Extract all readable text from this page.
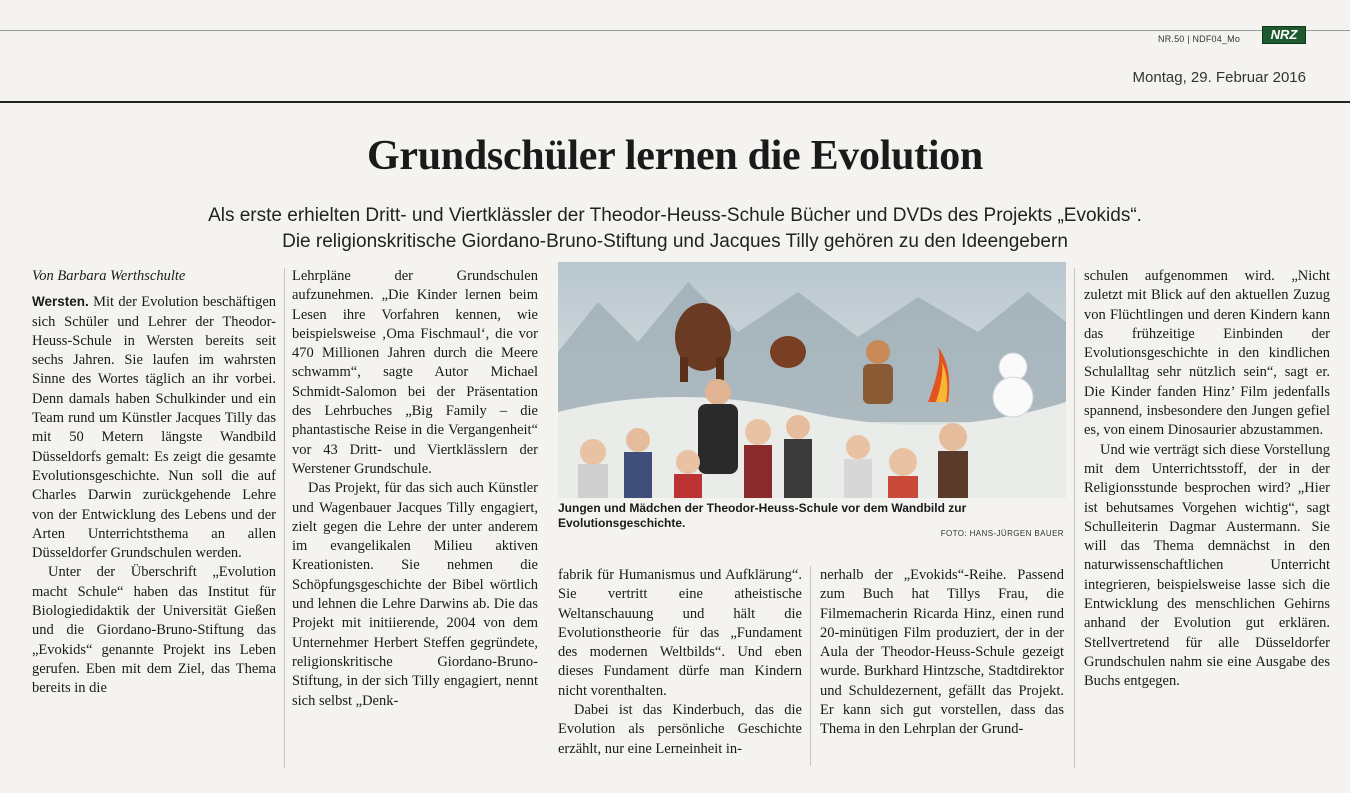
NR.50 | NDF04_Mo	NRZ
Montag, 29. Februar 2016
Grundschüler lernen die Evolution
Als erste erhielten Dritt- und Viertklässler der Theodor-Heuss-Schule Bücher und DVDs des Projekts „Evokids“.
Die religionskritische Giordano-Bruno-Stiftung und Jacques Tilly gehören zu den Ideengebern

Von Barbara Werthschulte

Wersten. Mit der Evolution beschäftigen sich Schüler und Lehrer der Theodor-Heuss-Schule in Wersten bereits seit sechs Jahren. Sie laufen im wahrsten Sinne des Wortes täglich an ihr vorbei. Denn damals haben Schulkinder und ein Team rund um Künstler Jacques Tilly das mit 50 Metern längste Wandbild Düsseldorfs gemalt: Es zeigt die gesamte Evolutionsgeschichte. Nun soll die auf Charles Darwin zurückgehende Lehre von der Entwicklung des Lebens und der Arten Unterrichtsthema an allen Düsseldorfer Grundschulen werden.

Unter der Überschrift „Evolution macht Schule“ haben das Institut für Biologiedidaktik der Universität Gießen und die Giordano-Bruno-Stiftung das „Evokids“ genannte Projekt ins Leben gerufen. Eben mit dem Ziel, das Thema bereits in die

Lehrpläne der Grundschulen aufzunehmen. „Die Kinder lernen beim Lesen ihre Vorfahren kennen, wie beispielsweise ‚Oma Fischmaul‘, die vor 470 Millionen Jahren durch die Meere schwamm“, sagte Autor Michael Schmidt-Salomon bei der Präsentation des Lehrbuches „Big Family – die phantastische Reise in die Vergangenheit“ vor 43 Dritt- und Viertklässlern der Werstener Grundschule.

Das Projekt, für das sich auch Künstler und Wagenbauer Jacques Tilly engagiert, zielt gegen die Lehre der unter anderem im evangelikalen Milieu aktiven Kreationisten. Sie nehmen die Schöpfungsgeschichte der Bibel wörtlich und lehnen die Lehre Darwins ab. Die das Projekt mit initiierende, 2004 von dem Unternehmer Herbert Steffen gegründete, religionskritische Giordano-Bruno-Stiftung, in der sich Tilly engagiert, nennt sich selbst „Denk-

Jungen und Mädchen der Theodor-Heuss-Schule vor dem Wandbild zur Evolutionsgeschichte.
FOTO: HANS-JÜRGEN BAUER

fabrik für Humanismus und Aufklärung“. Sie vertritt eine atheistische Weltanschauung und hält die Evolutionstheorie für das „Fundament des modernen Weltbilds“. Und eben dieses Fundament dürfe man Kindern nicht vorenthalten.

Dabei ist das Kinderbuch, das die Evolution als persönliche Geschichte erzählt, nur eine Lerneinheit in-

nerhalb der „Evokids“-Reihe. Passend zum Buch hat Tillys Frau, die Filmemacherin Ricarda Hinz, einen rund 20-minütigen Film produziert, der in der Aula der Theodor-Heuss-Schule gezeigt wurde. Burkhard Hintzsche, Stadtdirektor und Schuldezernent, gefällt das Projekt. Er kann sich gut vorstellen, dass das Thema in den Lehrplan der Grund-

schulen aufgenommen wird. „Nicht zuletzt mit Blick auf den aktuellen Zuzug von Flüchtlingen und deren Kindern kann das frühzeitige Einbinden der Evolutionsgeschichte in den kindlichen Schulalltag sehr nützlich sein“, sagt er. Die Kinder fanden Hinz’ Film jedenfalls spannend, insbesondere den Jungen gefiel es, von einem Dinosaurier abzustammen.

Und wie verträgt sich diese Vorstellung mit dem Unterrichtsstoff, der in der Religionsstunde besprochen wird? „Hier ist behutsames Vorgehen wichtig“, sagt Schulleiterin Dagmar Austermann. Sie will das Thema demnächst in den naturwissenschaftlichen Unterricht integrieren, beispielsweise lasse sich die Entwicklung des menschlichen Gehirns anhand der Evolution gut erklären. Stellvertretend für alle Düsseldorfer Grundschulen nahm sie eine Ausgabe des Buchs entgegen.
